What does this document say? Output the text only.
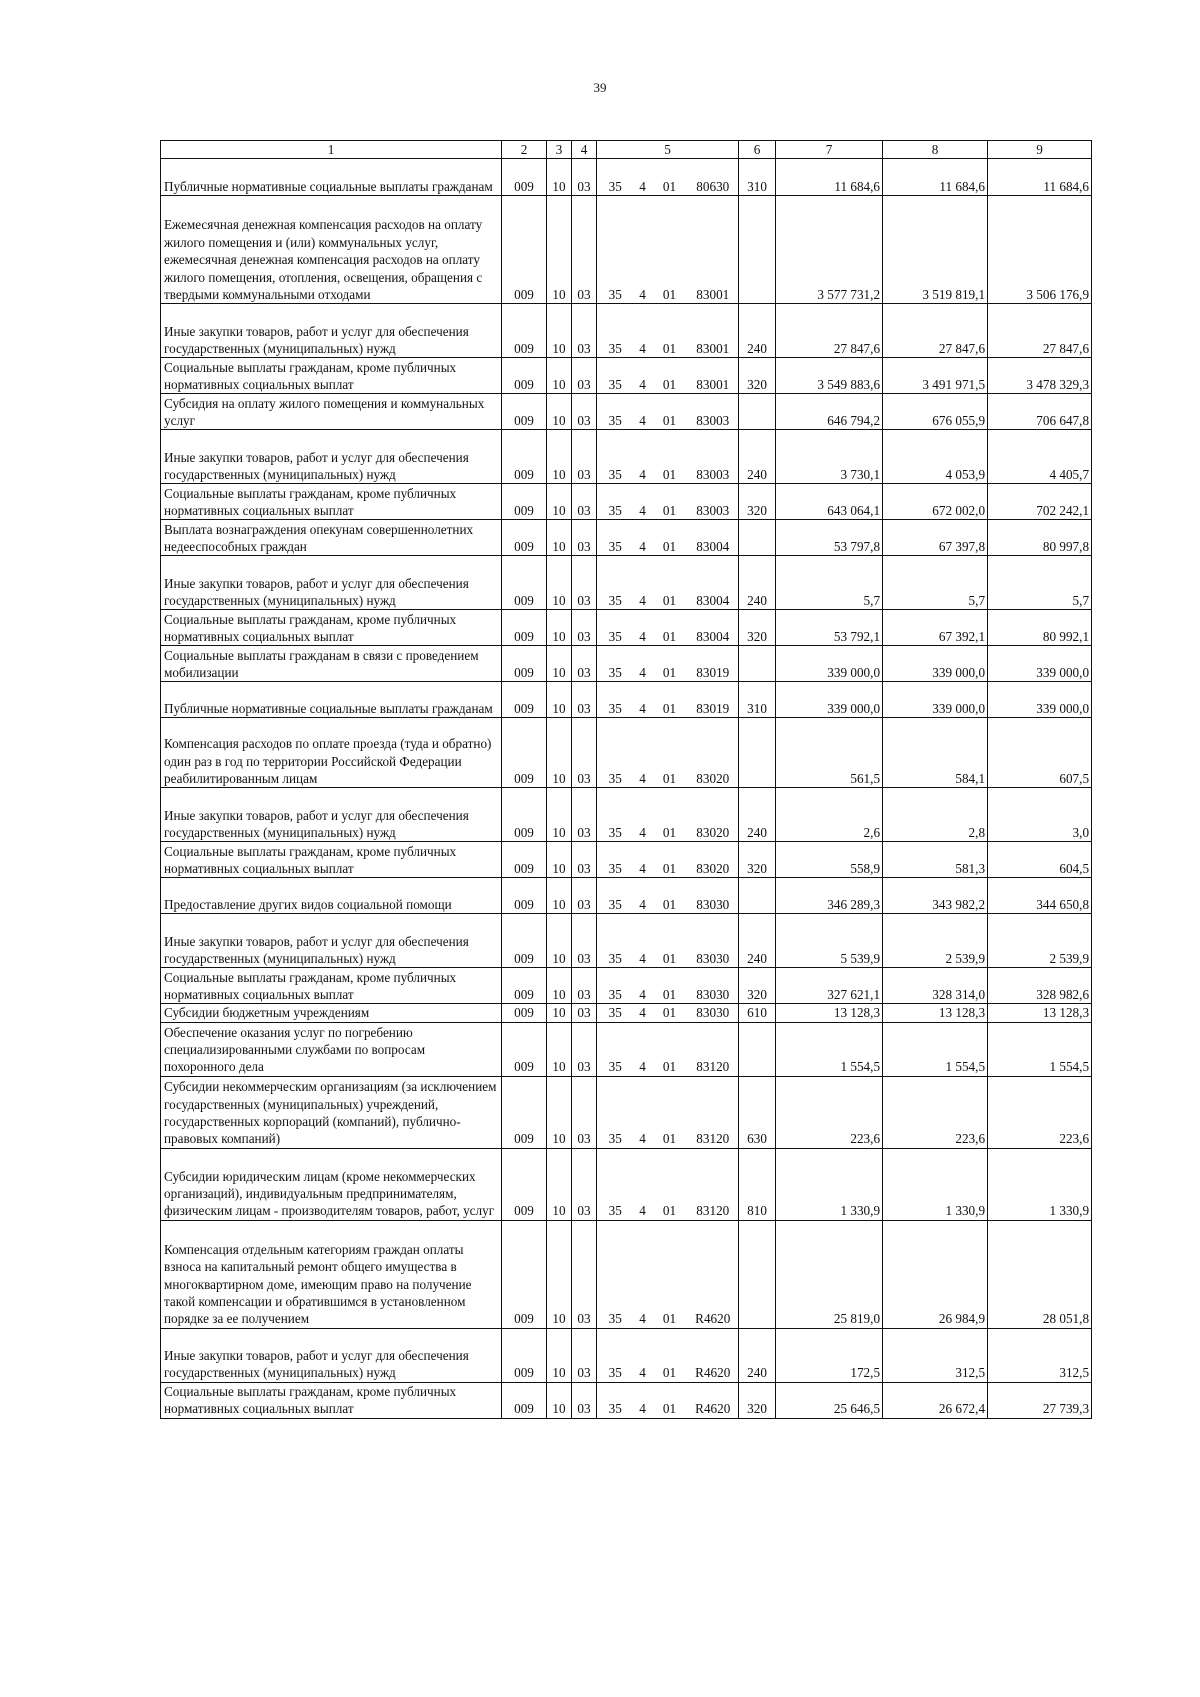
39
1	2	3	4	5				6	7	8	9
Публичные нормативные социальные выплаты гражданам	009	10	03	35	4	01	80630	310	11 684,6	11 684,6	11 684,6
Ежемесячная денежная компенсация расходов на оплату жилого помещения и (или) коммунальных услуг, ежемесячная денежная компенсация расходов на оплату жилого помещения, отопления, освещения, обращения с твердыми коммунальными отходами	009	10	03	35	4	01	83001		3 577 731,2	3 519 819,1	3 506 176,9
Иные закупки товаров, работ и услуг для обеспечения государственных (муниципальных) нужд	009	10	03	35	4	01	83001	240	27 847,6	27 847,6	27 847,6
Социальные выплаты гражданам, кроме публичных нормативных социальных выплат	009	10	03	35	4	01	83001	320	3 549 883,6	3 491 971,5	3 478 329,3
Субсидия на оплату жилого помещения и коммунальных услуг	009	10	03	35	4	01	83003		646 794,2	676 055,9	706 647,8
Иные закупки товаров, работ и услуг для обеспечения государственных (муниципальных) нужд	009	10	03	35	4	01	83003	240	3 730,1	4 053,9	4 405,7
Социальные выплаты гражданам, кроме публичных нормативных социальных выплат	009	10	03	35	4	01	83003	320	643 064,1	672 002,0	702 242,1
Выплата вознаграждения опекунам совершеннолетних недееспособных граждан	009	10	03	35	4	01	83004		53 797,8	67 397,8	80 997,8
Иные закупки товаров, работ и услуг для обеспечения государственных (муниципальных) нужд	009	10	03	35	4	01	83004	240	5,7	5,7	5,7
Социальные выплаты гражданам, кроме публичных нормативных социальных выплат	009	10	03	35	4	01	83004	320	53 792,1	67 392,1	80 992,1
Социальные выплаты гражданам в связи с проведением мобилизации	009	10	03	35	4	01	83019		339 000,0	339 000,0	339 000,0
Публичные нормативные социальные выплаты гражданам	009	10	03	35	4	01	83019	310	339 000,0	339 000,0	339 000,0
Компенсация расходов по оплате проезда (туда и обратно) один раз в год по территории Российской Федерации реабилитированным лицам	009	10	03	35	4	01	83020		561,5	584,1	607,5
Иные закупки товаров, работ и услуг для обеспечения государственных (муниципальных) нужд	009	10	03	35	4	01	83020	240	2,6	2,8	3,0
Социальные выплаты гражданам, кроме публичных нормативных социальных выплат	009	10	03	35	4	01	83020	320	558,9	581,3	604,5
Предоставление других видов социальной помощи	009	10	03	35	4	01	83030		346 289,3	343 982,2	344 650,8
Иные закупки товаров, работ и услуг для обеспечения государственных (муниципальных) нужд	009	10	03	35	4	01	83030	240	5 539,9	2 539,9	2 539,9
Социальные выплаты гражданам, кроме публичных нормативных социальных выплат	009	10	03	35	4	01	83030	320	327 621,1	328 314,0	328 982,6
Субсидии бюджетным учреждениям	009	10	03	35	4	01	83030	610	13 128,3	13 128,3	13 128,3
Обеспечение оказания услуг по погребению специализированными службами по вопросам похоронного дела	009	10	03	35	4	01	83120		1 554,5	1 554,5	1 554,5
Субсидии некоммерческим организациям (за исключением государственных (муниципальных) учреждений, государственных корпораций (компаний), публично-правовых компаний)	009	10	03	35	4	01	83120	630	223,6	223,6	223,6
Субсидии юридическим лицам (кроме некоммерческих организаций), индивидуальным предпринимателям, физическим лицам - производителям товаров, работ, услуг	009	10	03	35	4	01	83120	810	1 330,9	1 330,9	1 330,9
Компенсация отдельным категориям граждан оплаты взноса на капитальный ремонт общего имущества в многоквартирном доме, имеющим право на получение такой компенсации и обратившимся в установленном порядке за ее получением	009	10	03	35	4	01	R4620		25 819,0	26 984,9	28 051,8
Иные закупки товаров, работ и услуг для обеспечения государственных (муниципальных) нужд	009	10	03	35	4	01	R4620	240	172,5	312,5	312,5
Социальные выплаты гражданам, кроме публичных нормативных социальных выплат	009	10	03	35	4	01	R4620	320	25 646,5	26 672,4	27 739,3
